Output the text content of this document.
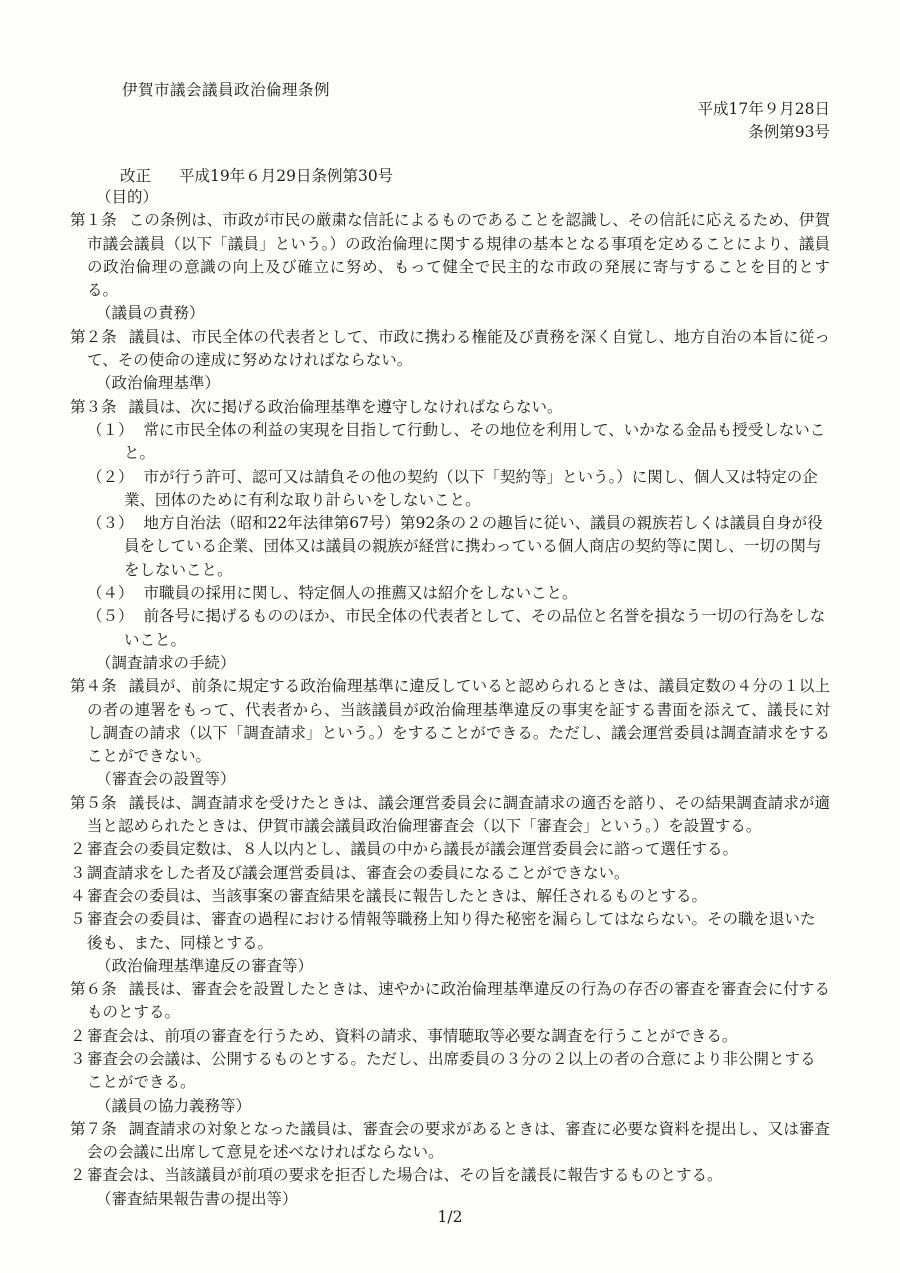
伊賀市議会議員政治倫理条例
平成17年９月28日
条例第93号
改正 平成19年６月29日条例第30号
（目的）
第１条 この条例は、市政が市民の厳粛な信託によるものであることを認識し、その信託に応えるため、伊賀市議会議員（以下「議員」という。）の政治倫理に関する規律の基本となる事項を定めることにより、議員の政治倫理の意識の向上及び確立に努め、もって健全で民主的な市政の発展に寄与することを目的とする。
（議員の責務）
第２条 議員は、市民全体の代表者として、市政に携わる権能及び責務を深く自覚し、地方自治の本旨に従って、その使命の達成に努めなければならない。
（政治倫理基準）
第３条 議員は、次に掲げる政治倫理基準を遵守しなければならない。
（１） 常に市民全体の利益の実現を目指して行動し、その地位を利用して、いかなる金品も授受しないこと。
（２） 市が行う許可、認可又は請負その他の契約（以下「契約等」という。）に関し、個人又は特定の企業、団体のために有利な取り計らいをしないこと。
（３） 地方自治法（昭和22年法律第67号）第92条の２の趣旨に従い、議員の親族若しくは議員自身が役員をしている企業、団体又は議員の親族が経営に携わっている個人商店の契約等に関し、一切の関与をしないこと。
（４） 市職員の採用に関し、特定個人の推薦又は紹介をしないこと。
（５） 前各号に掲げるもののほか、市民全体の代表者として、その品位と名誉を損なう一切の行為をしないこと。
（調査請求の手続）
第４条 議員が、前条に規定する政治倫理基準に違反していると認められるときは、議員定数の４分の１以上の者の連署をもって、代表者から、当該議員が政治倫理基準違反の事実を証する書面を添えて、議長に対し調査の請求（以下「調査請求」という。）をすることができる。ただし、議会運営委員は調査請求をすることができない。
（審査会の設置等）
第５条 議長は、調査請求を受けたときは、議会運営委員会に調査請求の適否を諮り、その結果調査請求が適当と認められたときは、伊賀市議会議員政治倫理審査会（以下「審査会」という。）を設置する。
２審査会の委員定数は、８人以内とし、議員の中から議長が議会運営委員会に諮って選任する。
３調査請求をした者及び議会運営委員は、審査会の委員になることができない。
４審査会の委員は、当該事案の審査結果を議長に報告したときは、解任されるものとする。
５審査会の委員は、審査の過程における情報等職務上知り得た秘密を漏らしてはならない。その職を退いた後も、また、同様とする。
（政治倫理基準違反の審査等）
第６条 議長は、審査会を設置したときは、速やかに政治倫理基準違反の行為の存否の審査を審査会に付するものとする。
２審査会は、前項の審査を行うため、資料の請求、事情聴取等必要な調査を行うことができる。
３審査会の会議は、公開するものとする。ただし、出席委員の３分の２以上の者の合意により非公開とすることができる。
（議員の協力義務等）
第７条 調査請求の対象となった議員は、審査会の要求があるときは、審査に必要な資料を提出し、又は審査会の会議に出席して意見を述べなければならない。
２審査会は、当該議員が前項の要求を拒否した場合は、その旨を議長に報告するものとする。
（審査結果報告書の提出等）
1/2
